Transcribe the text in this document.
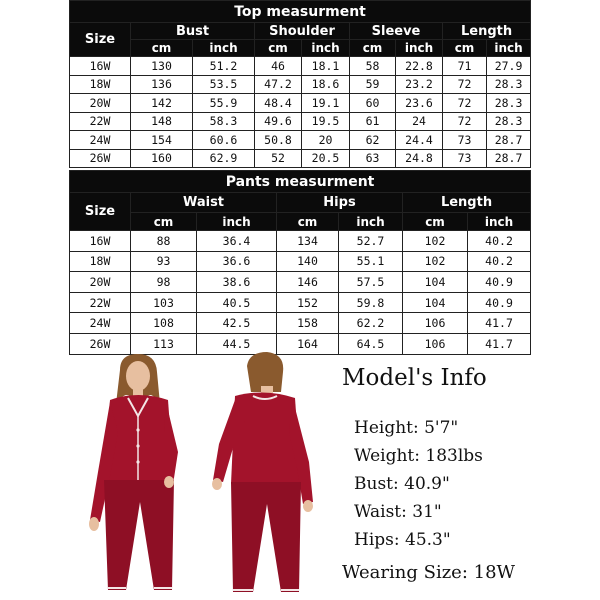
Top measurment								
Size	Bust		Shoulder		Sleeve		Length	
	cm	inch	cm	inch	cm	inch	cm	inch
16W	130	51.2	46	18.1	58	22.8	71	27.9
18W	136	53.5	47.2	18.6	59	23.2	72	28.3
20W	142	55.9	48.4	19.1	60	23.6	72	28.3
22W	148	58.3	49.6	19.5	61	24	72	28.3
24W	154	60.6	50.8	20	62	24.4	73	28.7
26W	160	62.9	52	20.5	63	24.8	73	28.7
Pants measurment						
Size	Waist		Hips		Length	
	cm	inch	cm	inch	cm	inch
16W	88	36.4	134	52.7	102	40.2
18W	93	36.6	140	55.1	102	40.2
20W	98	38.6	146	57.5	104	40.9
22W	103	40.5	152	59.8	104	40.9
24W	108	42.5	158	62.2	106	41.7
26W	113	44.5	164	64.5	106	41.7
Model's Info
Height: 5'7"
Weight: 183lbs
Bust: 40.9"
Waist: 31"
Hips: 45.3"
Wearing Size: 18W
